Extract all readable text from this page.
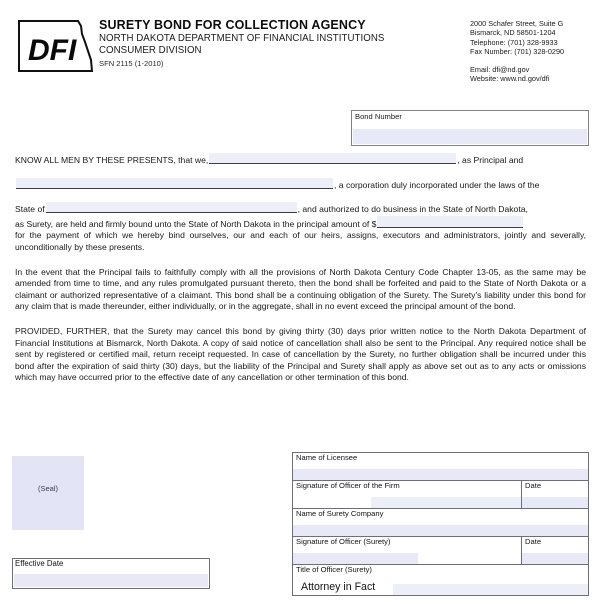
DFI

SURETY BOND FOR COLLECTION AGENCY

NORTH DAKOTA DEPARTMENT OF FINANCIAL INSTITUTIONS

CONSUMER DIVISION

SFN 2115 (1-2010)

2000 Schafer Street, Suite G
Bismarck, ND 58501-1204
Telephone: (701) 328-9933
Fax Number: (701) 328-0290
Email: dfi@nd.gov
Website: www.nd.gov/dfi
Bond Number

KNOW ALL MEN BY THESE PRESENTS, that we,	, as Principal and

, a corporation duly incorporated under the laws of the

State of	, and authorized to do business in the State of North Dakota,

as Surety, are held and firmly bound unto the State of North Dakota in the principal amount of $

for the payment of which we hereby bind ourselves, our and each of our heirs, assigns, executors and administrators, jointly and severally, unconditionally by these presents.

In the event that the Principal fails to faithfully comply with all the provisions of North Dakota Century Code Chapter 13-05, as the same may be amended from time to time, and any rules promulgated pursuant thereto, then the bond shall be forfeited and paid to the State of North Dakota or a claimant or authorized representative of a claimant. This bond shall be a continuing obligation of the Surety. The Surety's liability under this bond for any claim that is made thereunder, either individually, or in the aggregate, shall in no event exceed the principal amount of the bond.

PROVIDED, FURTHER, that the Surety may cancel this bond by giving thirty (30) days prior written notice to the North Dakota Department of Financial Institutions at Bismarck, North Dakota. A copy of said notice of cancellation shall also be sent to the Principal. Any required notice shall be sent by registered or certified mail, return receipt requested. In case of cancellation by the Surety, no further obligation shall be incurred under this bond after the expiration of said thirty (30) days, but the liability of the Principal and Surety shall apply as above set out as to any acts or omissions which may have occurred prior to the effective date of any cancellation or other termination of this bond.

(Seal)
Effective Date
Name of Licensee
Signature of Officer of the Firm	Date
Name of Surety Company
Signature of Officer (Surety)	Date
Title of Officer (Surety)
Attorney in Fact
